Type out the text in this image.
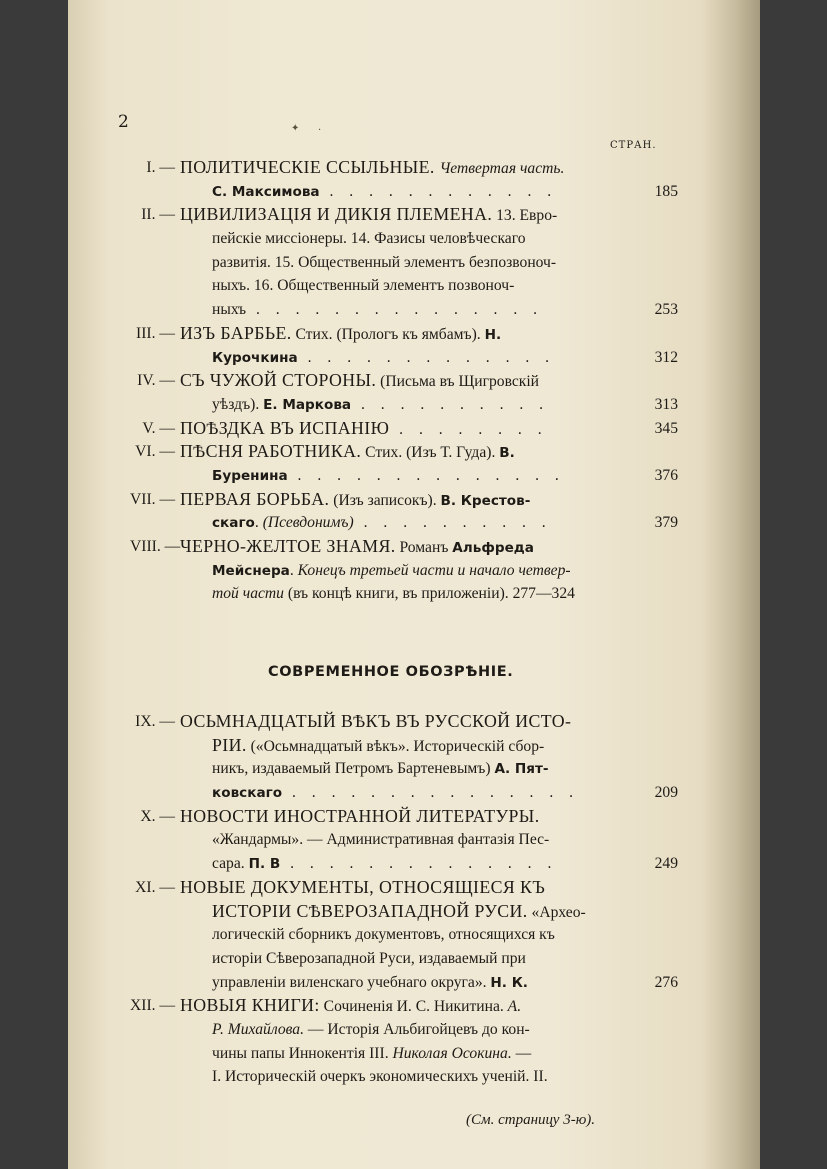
2
СТРАН.
I. — ПОЛИТИЧЕСКІЕ ССЫЛЬНЫЕ. Четвертая часть.
С. Максимова . . . . . . . . . . . .	185
II. — ЦИВИЛИЗАЦІЯ И ДИКІЯ ПЛЕМЕНА. 13. Евро-
пейскіе миссіонеры. 14. Фазисы человѣческаго
развитія. 15. Общественный элементъ безпозвоноч-
ныхъ. 16. Общественный элементъ позвоноч-
ныхъ . . . . . . . . . . . . . . .	253
III. — ИЗЪ БАРБЬЕ. Стих. (Прологъ къ ямбамъ). Н.
Курочкина . . . . . . . . . . . . .	312
IV. — СЪ ЧУЖОЙ СТОРОНЫ. (Письма въ Щигровскій
уѣздъ). Е. Маркова . . . . . . . . . .	313
V. — ПОѢЗДКА ВЪ ИСПАНІЮ . . . . . . . .	345
VI. — ПѢСНЯ РАБОТНИКА. Стих. (Изъ Т. Гуда). В.
Буренина . . . . . . . . . . . . . .	376
VII. — ПЕРВАЯ БОРЬБА. (Изъ записокъ). В. Крестов-
скаго. (Псевдонимъ) . . . . . . . . . .	379
VIII. — ЧЕРНО-ЖЕЛТОЕ ЗНАМЯ. Романъ Альфреда
Мейснера. Конецъ третьей части и начало четвер-
той части (въ концѣ книги, въ приложеніи). 277—324
СОВРЕМЕННОЕ ОБОЗРѢНІЕ.
IX. — ОСЬМНАДЦАТЫЙ ВѢКЪ ВЪ РУССКОЙ ИСТО-
РІИ. («Осьмнадцатый вѣкъ». Историческій сбор-
никъ, издаваемый Петромъ Бартеневымъ) А. Пят-
ковскаго . . . . . . . . . . . . . . .	209
X. — НОВОСТИ ИНОСТРАННОЙ ЛИТЕРАТУРЫ.
«Жандармы». — Административная фантазія Пес-
сара. П. В . . . . . . . . . . . . . .	249
XI. — НОВЫЕ ДОКУМЕНТЫ, ОТНОСЯЩІЕСЯ КЪ
ИСТОРІИ СѢВЕРОЗАПАДНОЙ РУСИ. «Архео-
логическій сборникъ документовъ, относящихся къ
исторіи Сѣверозападной Руси, издаваемый при
управленіи виленскаго учебнаго округа». Н. К.	276
XII. — НОВЫЯ КНИГИ: Сочиненія И. С. Никитина. А.
Р. Михайлова. — Исторія Альбигойцевъ до кон-
чины папы Иннокентія III. Николая Осокина. —
I. Историческій очеркъ экономическихъ ученій. II.
(См. страницу 3-ю).
✦ ·
